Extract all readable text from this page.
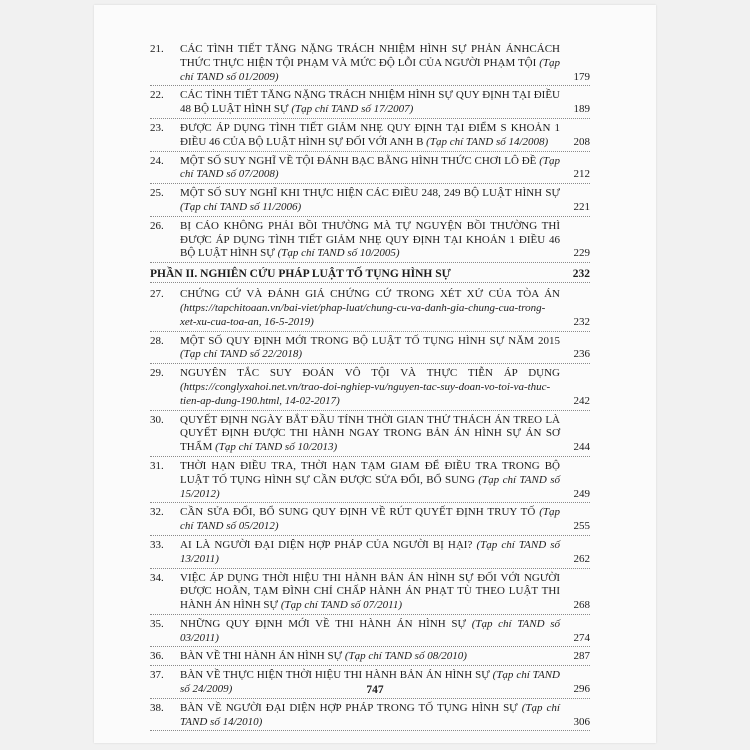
21.	CÁC TÌNH TIẾT TĂNG NẶNG TRÁCH NHIỆM HÌNH SỰ PHẢN ÁNHCÁCH THỨC THỰC HIỆN TỘI PHẠM VÀ MỨC ĐỘ LỖI CỦA NGƯỜI PHẠM TỘI (Tạp chí TAND số 01/2009)	179
22.	CÁC TÌNH TIẾT TĂNG NẶNG TRÁCH NHIỆM HÌNH SỰ QUY ĐỊNH TẠI ĐIỀU 48 BỘ LUẬT HÌNH SỰ (Tạp chí TAND số 17/2007)	189
23.	ĐƯỢC ÁP DỤNG TÌNH TIẾT GIẢM NHẸ QUY ĐỊNH TẠI ĐIỂM S KHOẢN 1 ĐIỀU 46 CỦA BỘ LUẬT HÌNH SỰ ĐỐI VỚI ANH B (Tạp chí TAND số 14/2008)	208
24.	MỘT SỐ SUY NGHĨ VỀ TỘI ĐÁNH BẠC BẰNG HÌNH THỨC CHƠI LÔ ĐỀ (Tạp chí TAND số 07/2008)	212
25.	MỘT SỐ SUY NGHĨ KHI THỰC HIỆN CÁC ĐIỀU 248, 249 BỘ LUẬT HÌNH SỰ (Tạp chí TAND số 11/2006)	221
26.	BỊ CÁO KHÔNG PHẢI BỒI THƯỜNG MÀ TỰ NGUYỆN BỒI THƯỜNG THÌ ĐƯỢC ÁP DỤNG TÌNH TIẾT GIẢM NHẸ QUY ĐỊNH TẠI KHOẢN 1 ĐIỀU 46 BỘ LUẬT HÌNH SỰ (Tạp chí TAND số 10/2005)	229
PHẦN II. NGHIÊN CỨU PHÁP LUẬT TỐ TỤNG HÌNH SỰ	232
27.	CHỨNG CỨ VÀ ĐÁNH GIÁ CHỨNG CỨ TRONG XÉT XỬ CỦA TÒA ÁN (https://tapchitoaan.vn/bai-viet/phap-luat/chung-cu-va-danh-gia-chung-cua-trong-xet-xu-cua-toa-an, 16-5-2019)	232
28.	MỘT SỐ QUY ĐỊNH MỚI TRONG BỘ LUẬT TỐ TỤNG HÌNH SỰ NĂM 2015 (Tạp chí TAND số 22/2018)	236
29.	NGUYÊN TẮC SUY ĐOÁN VÔ TỘI VÀ THỰC TIỄN ÁP DỤNG (https://conglyxahoi.net.vn/trao-doi-nghiep-vu/nguyen-tac-suy-doan-vo-toi-va-thuc-tien-ap-dung-190.html, 14-02-2017)	242
30.	QUYẾT ĐỊNH NGÀY BẮT ĐẦU TÍNH THỜI GIAN THỬ THÁCH ÁN TREO LÀ QUYẾT ĐỊNH ĐƯỢC THI HÀNH NGAY TRONG BẢN ÁN HÌNH SỰ ÁN SƠ THẨM (Tạp chí TAND số 10/2013)	244
31.	THỜI HẠN ĐIỀU TRA, THỜI HẠN TẠM GIAM ĐỂ ĐIỀU TRA TRONG BỘ LUẬT TỐ TỤNG HÌNH SỰ CẦN ĐƯỢC SỬA ĐỔI, BỔ SUNG (Tạp chí TAND số 15/2012)	249
32.	CẦN SỬA ĐỔI, BỔ SUNG QUY ĐỊNH VỀ RÚT QUYẾT ĐỊNH TRUY TỐ (Tạp chí TAND số 05/2012)	255
33.	AI LÀ NGƯỜI ĐẠI DIỆN HỢP PHÁP CỦA NGƯỜI BỊ HẠI? (Tạp chí TAND số 13/2011)	262
34.	VIỆC ÁP DỤNG THỜI HIỆU THI HÀNH BẢN ÁN HÌNH SỰ ĐỐI VỚI NGƯỜI ĐƯỢC HOÃN, TẠM ĐÌNH CHỈ CHẤP HÀNH ÁN PHẠT TÙ THEO LUẬT THI HÀNH ÁN HÌNH SỰ (Tạp chí TAND số 07/2011)	268
35.	NHỮNG QUY ĐỊNH MỚI VỀ THI HÀNH ÁN HÌNH SỰ (Tạp chí TAND số 03/2011)	274
36.	BÀN VỀ THI HÀNH ÁN HÌNH SỰ (Tạp chí TAND số 08/2010)	287
37.	BÀN VỀ THỰC HIỆN THỜI HIỆU THI HÀNH BẢN ÁN HÌNH SỰ (Tạp chí TAND số 24/2009)	296
38.	BÀN VỀ NGƯỜI ĐẠI DIỆN HỢP PHÁP TRONG TỐ TỤNG HÌNH SỰ (Tạp chí TAND số 14/2010)	306
747
